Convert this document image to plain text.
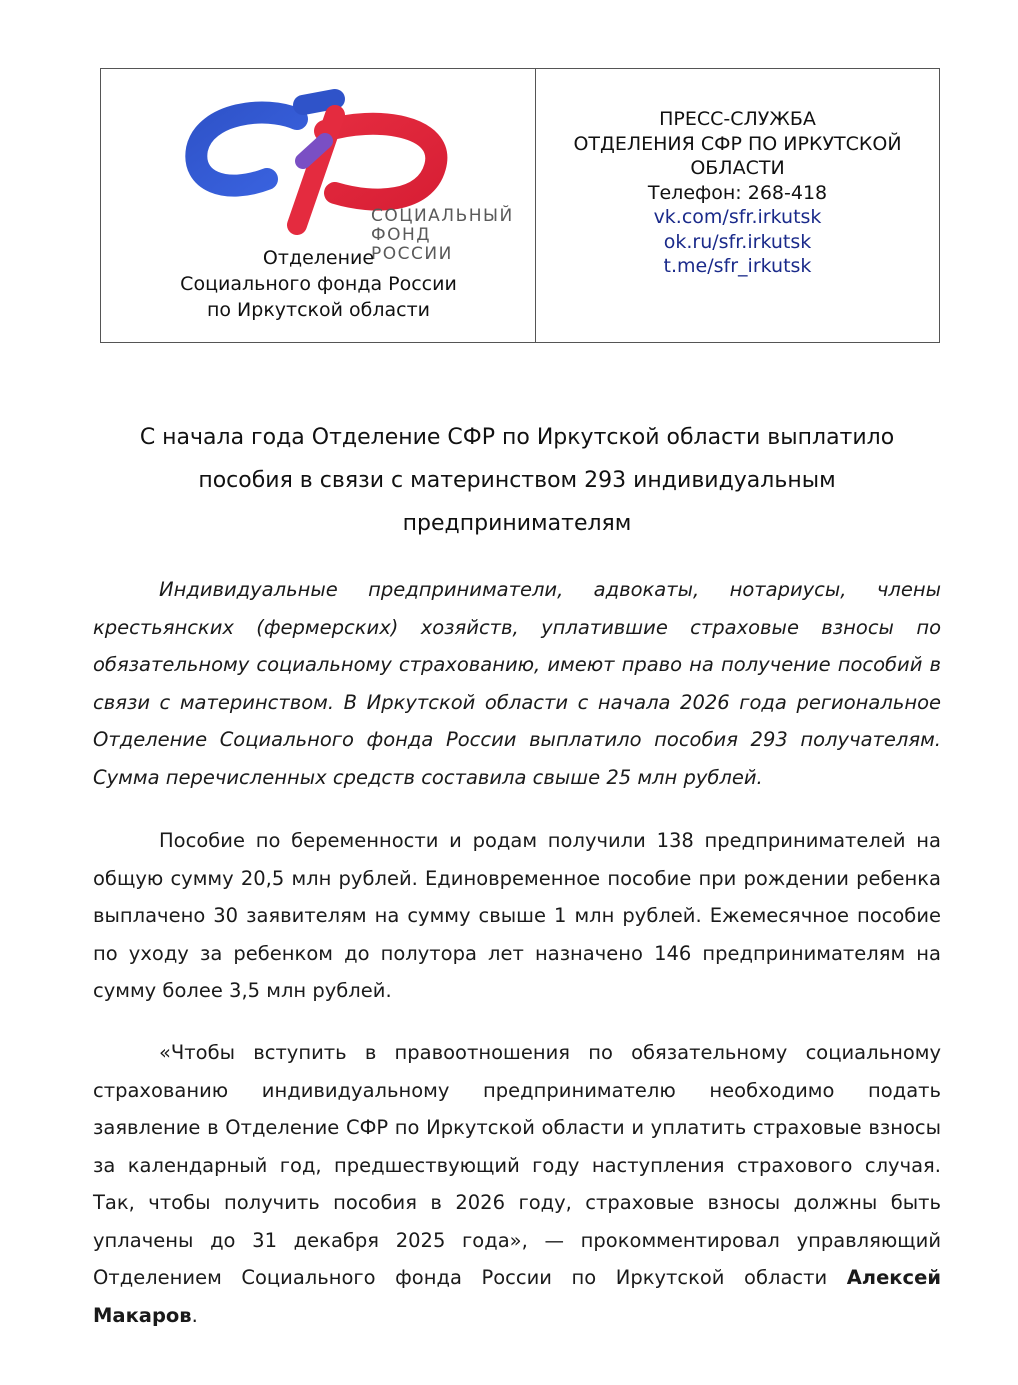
СОЦИАЛЬНЫЙ
ФОНД РОССИИ
Отделение
Социального фонда России
по Иркутской области
ПРЕСС-СЛУЖБА
ОТДЕЛЕНИЯ СФР ПО ИРКУТСКОЙ
ОБЛАСТИ
Телефон: 268-418
vk.com/sfr.irkutsk
ok.ru/sfr.irkutsk
t.me/sfr_irkutsk
С начала года Отделение СФР по Иркутской области выплатило пособия в связи с материнством 293 индивидуальным предпринимателям

Индивидуальные предприниматели, адвокаты, нотариусы, члены крестьянских (фермерских) хозяйств, уплатившие страховые взносы по обязательному социальному страхованию, имеют право на получение пособий в связи с материнством. В Иркутской области с начала 2026 года региональное Отделение Социального фонда России выплатило пособия 293 получателям. Сумма перечисленных средств составила свыше 25 млн рублей.

Пособие по беременности и родам получили 138 предпринимателей на общую сумму 20,5 млн рублей. Единовременное пособие при рождении ребенка выплачено 30 заявителям на сумму свыше 1 млн рублей. Ежемесячное пособие по уходу за ребенком до полутора лет назначено 146 предпринимателям на сумму более 3,5 млн рублей.

«Чтобы вступить в правоотношения по обязательному социальному страхованию индивидуальному предпринимателю необходимо подать заявление в Отделение СФР по Иркутской области и уплатить страховые взносы за календарный год, предшествующий году наступления страхового случая. Так, чтобы получить пособия в 2026 году, страховые взносы должны быть уплачены до 31 декабря 2025 года», — прокомментировал управляющий Отделением Социального фонда России по Иркутской области Алексей Макаров.
